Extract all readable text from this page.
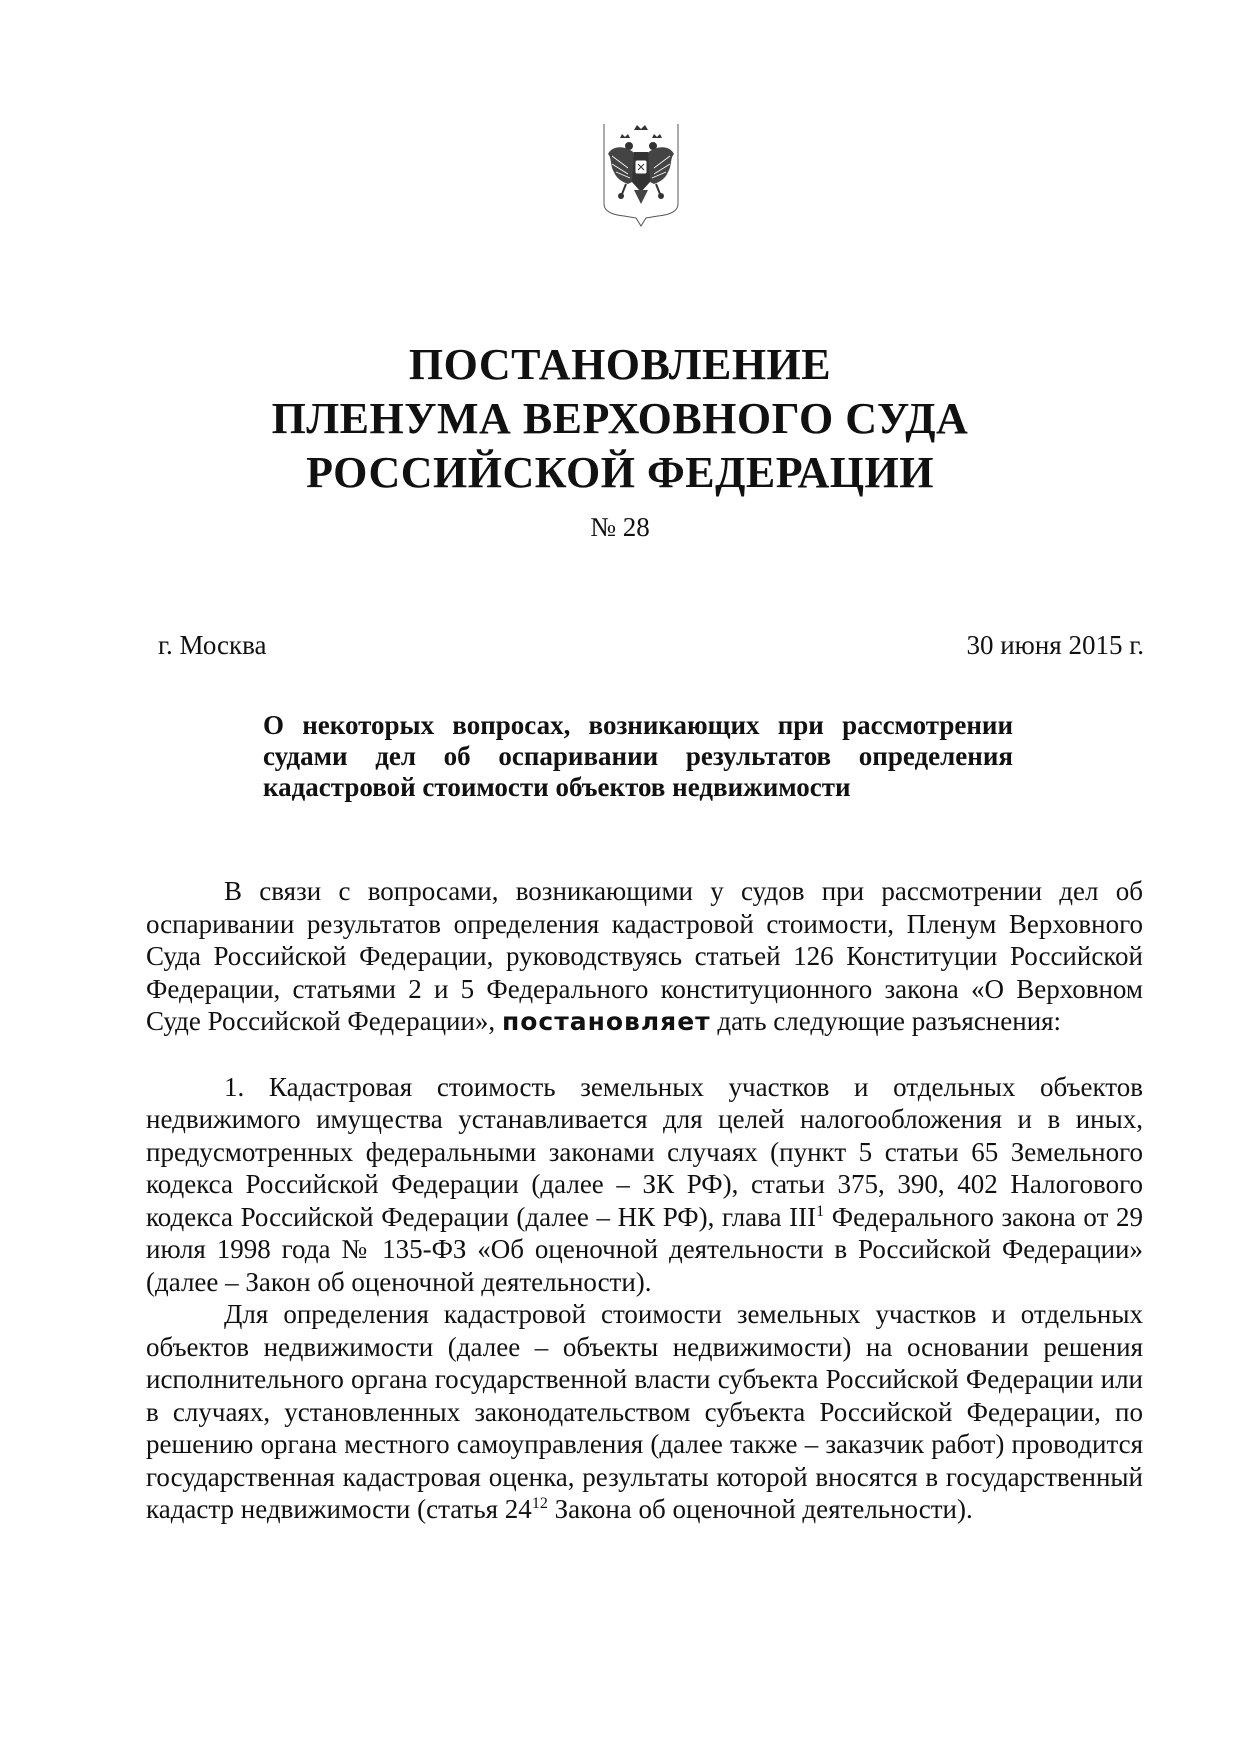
ПОСТАНОВЛЕНИЕ
ПЛЕНУМА ВЕРХОВНОГО СУДА
РОССИЙСКОЙ ФЕДЕРАЦИИ
№ 28
г. Москва	30 июня 2015 г.
О некоторых вопросах, возникающих при рассмотрении судами дел об оспаривании результатов определения кадастровой стоимости объектов недвижимости

В связи с вопросами, возникающими у судов при рассмотрении дел об оспаривании результатов определения кадастровой стоимости, Пленум Верховного Суда Российской Федерации, руководствуясь статьей 126 Конституции Российской Федерации, статьями 2 и 5 Федерального конституционного закона «О Верховном Суде Российской Федерации», постановляет дать следующие разъяснения:

1. Кадастровая стоимость земельных участков и отдельных объектов недвижимого имущества устанавливается для целей налогообложения и в иных, предусмотренных федеральными законами случаях (пункт 5 статьи 65 Земельного кодекса Российской Федерации (далее – ЗК РФ), статьи 375, 390, 402 Налогового кодекса Российской Федерации (далее – НК РФ), глава III$^1$ Федерального закона от 29 июля 1998 года № 135-ФЗ «Об оценочной деятельности в Российской Федерации» (далее – Закон об оценочной деятельности).

Для определения кадастровой стоимости земельных участков и отдельных объектов недвижимости (далее – объекты недвижимости) на основании решения исполнительного органа государственной власти субъекта Российской Федерации или в случаях, установленных законодательством субъекта Российской Федерации, по решению органа местного самоуправления (далее также – заказчик работ) проводится государственная кадастровая оценка, результаты которой вносятся в государственный кадастр недвижимости (статья $24^{12}$ Закона об оценочной деятельности).
